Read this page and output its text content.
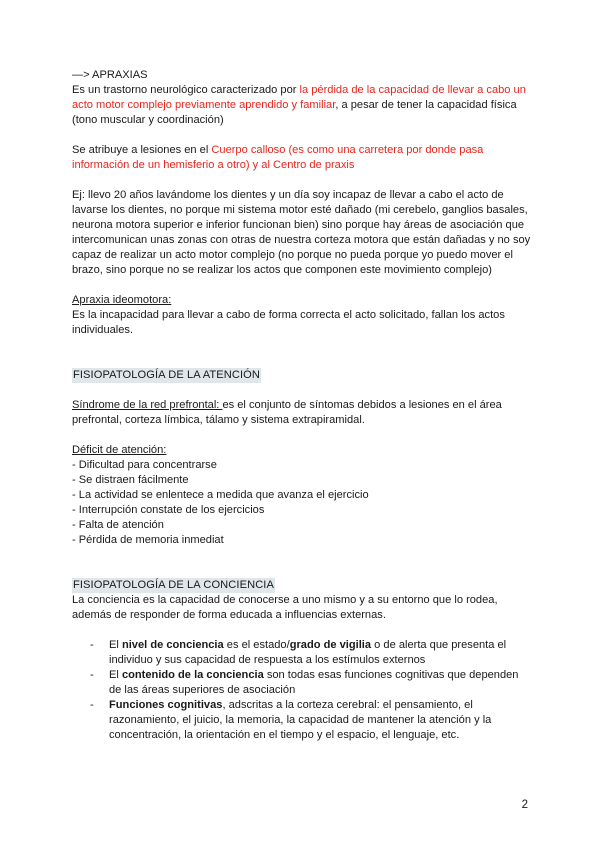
—> APRAXIAS

Es un trastorno neurológico caracterizado por la pérdida de la capacidad de llevar a cabo un acto motor complejo previamente aprendido y familiar, a pesar de tener la capacidad física (tono muscular y coordinación)

Se atribuye a lesiones en el Cuerpo calloso (es como una carretera por donde pasa información de un hemisferio a otro) y al Centro de praxis

Ej: llevo 20 años lavándome los dientes y un día soy incapaz de llevar a cabo el acto de lavarse los dientes, no porque mi sistema motor esté dañado (mi cerebelo, ganglios basales, neurona motora superior e inferior funcionan bien) sino porque hay áreas de asociación que intercomunican unas zonas con otras de nuestra corteza motora que están dañadas y no soy capaz de realizar un acto motor complejo (no porque no pueda porque yo puedo mover el brazo, sino porque no se realizar los actos que componen este movimiento complejo)

Apraxia ideomotora:

Es la incapacidad para llevar a cabo de forma correcta el acto solicitado, fallan los actos individuales.

FISIOPATOLOGÍA DE LA ATENCIÓN

Síndrome de la red prefrontal: es el conjunto de síntomas debidos a lesiones en el área prefrontal, corteza límbica, tálamo y sistema extrapiramidal.

Déficit de atención:

- Dificultad para concentrarse

- Se distraen fácilmente

- La actividad se enlentece a medida que avanza el ejercicio

- Interrupción constate de los ejercicios

- Falta de atención

- Pérdida de memoria inmediat

FISIOPATOLOGÍA DE LA CONCIENCIA

La conciencia es la capacidad de conocerse a uno mismo y a su entorno que lo rodea, además de responder de forma educada a influencias externas.

- El nivel de conciencia es el estado/grado de vigilia o de alerta que presenta el individuo y sus capacidad de respuesta a los estímulos externos
- El contenido de la conciencia son todas esas funciones cognitivas que dependen de las áreas superiores de asociación
- Funciones cognitivas, adscritas a la corteza cerebral: el pensamiento, el razonamiento, el juicio, la memoria, la capacidad de mantener la atención y la concentración, la orientación en el tiempo y el espacio, el lenguaje, etc.
2
